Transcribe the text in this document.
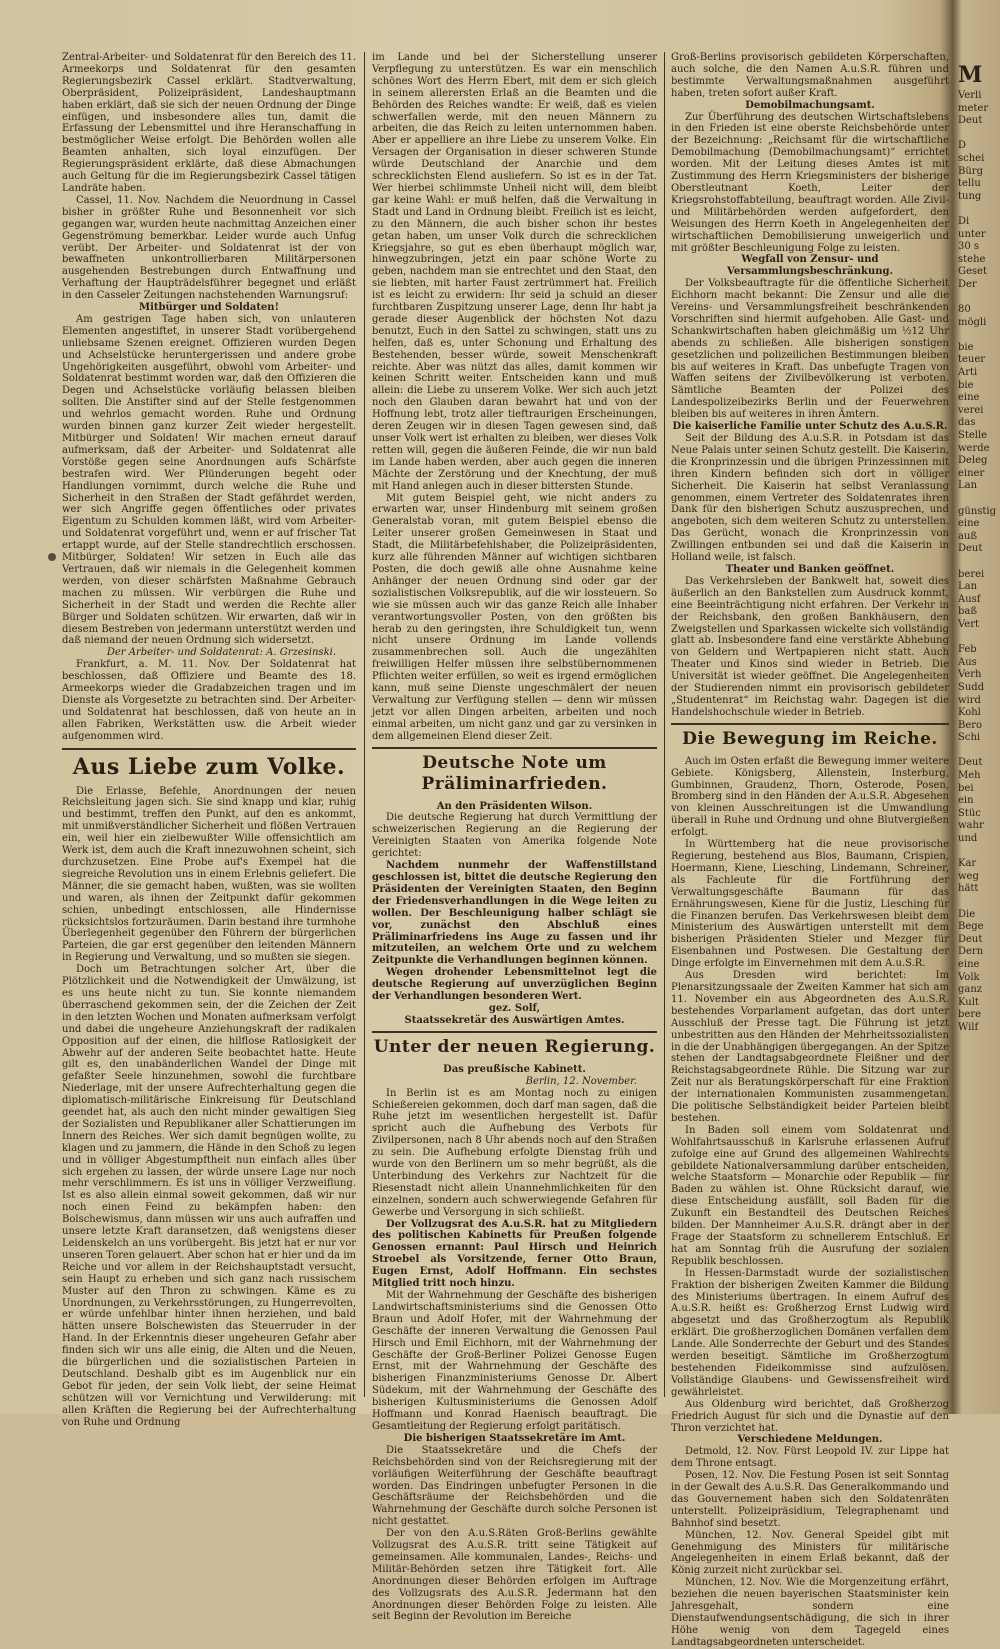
Zentral-Arbeiter- und Soldatenrat für den Bereich des 11. Armeekorps und Soldatenrat für den gesamten Regierungsbezirk Cassel erklärt. Stadtverwaltung, Oberpräsident, Polizeipräsident, Landeshauptmann haben erklärt, daß sie sich der neuen Ordnung der Dinge einfügen, und insbesondere alles tun, damit die Erfassung der Lebensmittel und ihre Heranschaffung in bestmöglicher Weise erfolgt. Die Behörden wollen alle Beamten anhalten, sich loyal einzufügen. Der Regierungspräsident erklärte, daß diese Abmachungen auch Geltung für die im Regierungsbezirk Cassel tätigen Landräte haben.

Cassel, 11. Nov. Nachdem die Neuordnung in Cassel bisher in größter Ruhe und Besonnenheit vor sich gegangen war, wurden heute nachmittag Anzeichen einer Gegenströmung bemerkbar. Leider wurde auch Unfug verübt. Der Arbeiter- und Soldatenrat ist der von bewaffneten unkontrollierbaren Militärpersonen ausgehenden Bestrebungen durch Entwaffnung und Verhaftung der Haupträdelsführer begegnet und erläßt in den Casseler Zeitungen nachstehenden Warnungsruf:

Mitbürger und Soldaten!

Am gestrigen Tage haben sich, von unlauteren Elementen angestiftet, in unserer Stadt vorübergehend unliebsame Szenen ereignet. Offizieren wurden Degen und Achselstücke heruntergerissen und andere grobe Ungehörigkeiten ausgeführt, obwohl vom Arbeiter- und Soldatenrat bestimmt worden war, daß den Offizieren die Degen und Achselstücke vorläufig belassen bleiben sollten. Die Anstifter sind auf der Stelle festgenommen und wehrlos gemacht worden. Ruhe und Ordnung wurden binnen ganz kurzer Zeit wieder hergestellt. Mitbürger und Soldaten! Wir machen erneut darauf aufmerksam, daß der Arbeiter- und Soldatenrat alle Vorstöße gegen seine Anordnungen aufs Schärfste bestrafen wird. Wer Plünderungen begeht oder Handlungen vornimmt, durch welche die Ruhe und Sicherheit in den Straßen der Stadt gefährdet werden, wer sich Angriffe gegen öffentliches oder privates Eigentum zu Schulden kommen läßt, wird vom Arbeiter- und Soldatenrat vorgeführt und, wenn er auf frischer Tat ertappt wurde, auf der Stelle standrechtlich erschossen. Mitbürger, Soldaten! Wir setzen in Euch alle das Vertrauen, daß wir niemals in die Gelegenheit kommen werden, von dieser schärfsten Maßnahme Gebrauch machen zu müssen. Wir verbürgen die Ruhe und Sicherheit in der Stadt und werden die Rechte aller Bürger und Soldaten schützen. Wir erwarten, daß wir in diesem Bestreben von jedermann unterstützt werden und daß niemand der neuen Ordnung sich widersetzt.

Der Arbeiter- und Soldatenrat: A. Grzesinski.

Frankfurt, a. M. 11. Nov. Der Soldatenrat hat beschlossen, daß Offiziere und Beamte des 18. Armeekorps wieder die Gradabzeichen tragen und im Dienste als Vorgesetzte zu betrachten sind. Der Arbeiter- und Soldatenrat hat beschlossen, daß von heute an in allen Fabriken, Werkstätten usw. die Arbeit wieder aufgenommen wird.

Aus Liebe zum Volke.

Die Erlasse, Befehle, Anordnungen der neuen Reichsleitung jagen sich. Sie sind knapp und klar, ruhig und bestimmt, treffen den Punkt, auf den es ankommt, mit unmißverständlicher Sicherheit und flößen Vertrauen ein, weil hier ein zielbewußter Wille offensichtlich am Werk ist, dem auch die Kraft innezuwohnen scheint, sich durchzusetzen. Eine Probe auf's Exempel hat die siegreiche Revolution uns in einem Erlebnis geliefert. Die Männer, die sie gemacht haben, wußten, was sie wollten und waren, als ihnen der Zeitpunkt dafür gekommen schien, unbedingt entschlossen, alle Hindernisse rücksichtslos fortzuräumen. Darin bestand ihre turmhohe Überlegenheit gegenüber den Führern der bürgerlichen Parteien, die gar erst gegenüber den leitenden Männern in Regierung und Verwaltung, und so mußten sie siegen.

Doch um Betrachtungen solcher Art, über die Plötzlichkeit und die Notwendigkeit der Umwälzung, ist es uns heute nicht zu tun. Sie konnte niemandem überraschend gekommen sein, der die Zeichen der Zeit in den letzten Wochen und Monaten aufmerksam verfolgt und dabei die ungeheure Anziehungskraft der radikalen Opposition auf der einen, die hilflose Ratlosigkeit der Abwehr auf der anderen Seite beobachtet hatte. Heute gilt es, den unabänderlichen Wandel der Dinge mit gefaßter Seele hinzunehmen, sowohl die furchtbare Niederlage, mit der unsere Aufrechterhaltung gegen die diplomatisch-militärische Einkreisung für Deutschland geendet hat, als auch den nicht minder gewaltigen Sieg der Sozialisten und Republikaner aller Schattierungen im Innern des Reiches. Wer sich damit begnügen wollte, zu klagen und zu jammern, die Hände in den Schoß zu legen und in völliger Abgestumpftheit nun einfach alles über sich ergehen zu lassen, der würde unsere Lage nur noch mehr verschlimmern. Es ist uns in völliger Verzweiflung. Ist es also allein einmal soweit gekommen, daß wir nur noch einen Feind zu bekämpfen haben: den Bolschewismus, dann müssen wir uns auch aufraffen und unsere letzte Kraft daransetzen, daß wenigstens dieser Leidenskelch an uns vorübergeht. Bis jetzt hat er nur vor unseren Toren gelauert. Aber schon hat er hier und da im Reiche und vor allem in der Reichshauptstadt versucht, sein Haupt zu erheben und sich ganz nach russischem Muster auf den Thron zu schwingen. Käme es zu Unordnungen, zu Verkehrsstörungen, zu Hungerrevolten, er würde unfehlbar hinter ihnen herziehen, und bald hätten unsere Bolschewisten das Steuerruder in der Hand. In der Erkenntnis dieser ungeheuren Gefahr aber finden sich wir uns alle einig, die Alten und die Neuen, die bürgerlichen und die sozialistischen Parteien in Deutschland. Deshalb gibt es im Augenblick nur ein Gebot für jeden, der sein Volk liebt, der seine Heimat schützen will vor Vernichtung und Verwilderung: mit allen Kräften die Regierung bei der Aufrechterhaltung von Ruhe und Ordnung

im Lande und bei der Sicherstellung unserer Verpflegung zu unterstützen. Es war ein menschlich schönes Wort des Herrn Ebert, mit dem er sich gleich in seinem allerersten Erlaß an die Beamten und die Behörden des Reiches wandte: Er weiß, daß es vielen schwerfallen werde, mit den neuen Männern zu arbeiten, die das Reich zu leiten unternommen haben. Aber er appelliere an ihre Liebe zu unserem Volke. Ein Versagen der Organisation in dieser schweren Stunde würde Deutschland der Anarchie und dem schrecklichsten Elend ausliefern. So ist es in der Tat. Wer hierbei schlimmste Unheil nicht will, dem bleibt gar keine Wahl: er muß helfen, daß die Verwaltung in Stadt und Land in Ordnung bleibt. Freilich ist es leicht, zu den Männern, die auch bisher schon ihr bestes getan haben, um unser Volk durch die schrecklichen Kriegsjahre, so gut es eben überhaupt möglich war, hinwegzubringen, jetzt ein paar schöne Worte zu geben, nachdem man sie entrechtet und den Staat, den sie liebten, mit harter Faust zertrümmert hat. Freilich ist es leicht zu erwidern: Ihr seid ja schuld an dieser furchtbaren Zuspitzung unserer Lage, denn Ihr habt ja gerade dieser Augenblick der höchsten Not dazu benutzt, Euch in den Sattel zu schwingen, statt uns zu helfen, daß es, unter Schonung und Erhaltung des Bestehenden, besser würde, soweit Menschenkraft reichte. Aber was nützt das alles, damit kommen wir keinen Schritt weiter. Entscheiden kann und muß allein: die Liebe zu unserem Volke. Wer sich auch jetzt noch den Glauben daran bewahrt hat und von der Hoffnung lebt, trotz aller tieftraurigen Erscheinungen, deren Zeugen wir in diesen Tagen gewesen sind, daß unser Volk wert ist erhalten zu bleiben, wer dieses Volk retten will, gegen die äußeren Feinde, die wir nun bald im Lande haben werden, aber auch gegen die inneren Mächte der Zerstörung und der Knechtung, der muß mit Hand anlegen auch in dieser bittersten Stunde.

Mit gutem Beispiel geht, wie nicht anders zu erwarten war, unser Hindenburg mit seinem großen Generalstab voran, mit gutem Beispiel ebenso die Leiter unserer großen Gemeinwesen in Staat und Stadt, die Militärbefehlshaber, die Polizeipräsidenten, kurz alle führenden Männer auf wichtigen sichtbaren Posten, die doch gewiß alle ohne Ausnahme keine Anhänger der neuen Ordnung sind oder gar der sozialistischen Volksrepublik, auf die wir lossteuern. So wie sie müssen auch wir das ganze Reich alle Inhaber verantwortungsvoller Posten, von den größten bis herab zu den geringsten, ihre Schuldigkeit tun, wenn nicht unsere Ordnung im Lande vollends zusammenbrechen soll. Auch die ungezählten freiwilligen Helfer müssen ihre selbstübernommenen Pflichten weiter erfüllen, so weit es irgend ermöglichen kann, muß seine Dienste ungeschmälert der neuen Verwaltung zur Verfügung stellen — denn wir müssen jetzt vor allen Dingen arbeiten, arbeiten und noch einmal arbeiten, um nicht ganz und gar zu versinken in dem allgemeinen Elend dieser Zeit.

Deutsche Note um Präliminarfrieden.

An den Präsidenten Wilson.

Die deutsche Regierung hat durch Vermittlung der schweizerischen Regierung an die Regierung der Vereinigten Staaten von Amerika folgende Note gerichtet:

Nachdem nunmehr der Waffenstillstand geschlossen ist, bittet die deutsche Regierung den Präsidenten der Vereinigten Staaten, den Beginn der Friedensverhandlungen in die Wege leiten zu wollen. Der Beschleunigung halber schlägt sie vor, zunächst den Abschluß eines Präliminarfriedens ins Auge zu fassen und ihr mitzuteilen, an welchem Orte und zu welchem Zeitpunkte die Verhandlungen beginnen können.

Wegen drohender Lebensmittelnot legt die deutsche Regierung auf unverzüglichen Beginn der Verhandlungen besonderen Wert.

gez. Solf,

Staatssekretär des Auswärtigen Amtes.

Unter der neuen Regierung.

Das preußische Kabinett.

Berlin, 12. November.

In Berlin ist es am Montag noch zu einigen Schießereien gekommen, doch darf man sagen, daß die Ruhe jetzt im wesentlichen hergestellt ist. Dafür spricht auch die Aufhebung des Verbots für Zivilpersonen, nach 8 Uhr abends noch auf den Straßen zu sein. Die Aufhebung erfolgte Dienstag früh und wurde von den Berlinern um so mehr begrüßt, als die Unterbindung des Verkehrs zur Nachtzeit für die Riesenstadt nicht allein Unannehmlichkeiten für den einzelnen, sondern auch schwerwiegende Gefahren für Gewerbe und Versorgung in sich schließt.

Der Vollzugsrat des A.u.S.R. hat zu Mitgliedern des politischen Kabinetts für Preußen folgende Genossen ernannt: Paul Hirsch und Heinrich Stroebel als Vorsitzende, ferner Otto Braun, Eugen Ernst, Adolf Hoffmann. Ein sechstes Mitglied tritt noch hinzu.

Mit der Wahrnehmung der Geschäfte des bisherigen Landwirtschaftsministeriums sind die Genossen Otto Braun und Adolf Hofer, mit der Wahrnehmung der Geschäfte der inneren Verwaltung die Genossen Paul Hirsch und Emil Eichhorn, mit der Wahrnehmung der Geschäfte der Groß-Berliner Polizei Genosse Eugen Ernst, mit der Wahrnehmung der Geschäfte des bisherigen Finanzministeriums Genosse Dr. Albert Südekum, mit der Wahrnehmung der Geschäfte des bisherigen Kultusministeriums die Genossen Adolf Hoffmann und Konrad Haenisch beauftragt. Die Gesamtleitung der Regierung erfolgt paritätisch.

Die bisherigen Staatssekretäre im Amt.

Die Staatssekretäre und die Chefs der Reichsbehörden sind von der Reichsregierung mit der vorläufigen Weiterführung der Geschäfte beauftragt worden. Das Eindringen unbefugter Personen in die Geschäftsräume der Reichsbehörden und die Wahrnehmung der Geschäfte durch solche Personen ist nicht gestattet.

Der von den A.u.S.Räten Groß-Berlins gewählte Vollzugsrat des A.u.S.R. tritt seine Tätigkeit auf gemeinsamen. Alle kommunalen, Landes-, Reichs- und Militär-Behörden setzen ihre Tätigkeit fort. Alle Anordnungen dieser Behörden erfolgen im Auftrage des Vollzugsrats des A.u.S.R. Jedermann hat den Anordnungen dieser Behörden Folge zu leisten. Alle seit Beginn der Revolution im Bereiche

Groß-Berlins provisorisch gebildeten Körperschaften, auch solche, die den Namen A.u.S.R. führen und bestimmte Verwaltungsmaßnahmen ausgeführt haben, treten sofort außer Kraft.

Demobilmachungsamt.

Zur Überführung des deutschen Wirtschaftslebens in den Frieden ist eine oberste Reichsbehörde unter der Bezeichnung: „Reichsamt für die wirtschaftliche Demobilmachung (Demobilmachungsamt)“ errichtet worden. Mit der Leitung dieses Amtes ist mit Zustimmung des Herrn Kriegsministers der bisherige Oberstleutnant Koeth, Leiter der Kriegsrohstoffabteilung, beauftragt worden. Alle Zivil- und Militärbehörden werden aufgefordert, den Weisungen des Herrn Koeth in Angelegenheiten der wirtschaftlichen Demobilisierung unweigerlich und mit größter Beschleunigung Folge zu leisten.

Wegfall von Zensur- und Versammlungsbeschränkung.

Der Volksbeauftragte für die öffentliche Sicherheit Eichhorn macht bekannt: Die Zensur und alle die Vereins- und Versammlungsfreiheit beschränkenden Vorschriften sind hiermit aufgehoben. Alle Gast- und Schankwirtschaften haben gleichmäßig um ½12 Uhr abends zu schließen. Alle bisherigen sonstigen gesetzlichen und polizeilichen Bestimmungen bleiben bis auf weiteres in Kraft. Das unbefugte Tragen von Waffen seitens der Zivilbevölkerung ist verboten. Sämtliche Beamten der Polizei des Landespolizeibezirks Berlin und der Feuerwehren bleiben bis auf weiteres in ihren Ämtern.

Die kaiserliche Familie unter Schutz des A.u.S.R.

Seit der Bildung des A.u.S.R. in Potsdam ist das Neue Palais unter seinen Schutz gestellt. Die Kaiserin, die Kronprinzessin und die übrigen Prinzessinnen mit ihren Kindern befinden sich dort in völliger Sicherheit. Die Kaiserin hat selbst Veranlassung genommen, einem Vertreter des Soldatenrates ihren Dank für den bisherigen Schutz auszusprechen, und angeboten, sich dem weiteren Schutz zu unterstellen. Das Gerücht, wonach die Kronprinzessin von Zwillingen entbunden sei und daß die Kaiserin in Holland weile, ist falsch.

Theater und Banken geöffnet.

Das Verkehrsleben der Bankwelt hat, soweit dies äußerlich an den Bankstellen zum Ausdruck kommt, eine Beeinträchtigung nicht erfahren. Der Verkehr in der Reichsbank, den großen Bankhäusern, den Zweigstellen und Sparkassen wickelte sich vollständig glatt ab. Insbesondere fand eine verstärkte Abhebung von Geldern und Wertpapieren nicht statt. Auch Theater und Kinos sind wieder in Betrieb. Die Universität ist wieder geöffnet. Die Angelegenheiten der Studierenden nimmt ein provisorisch gebildeter „Studentenrat“ im Reichstag wahr. Dagegen ist die Handelshochschule wieder in Betrieb.

Die Bewegung im Reiche.

Auch im Osten erfaßt die Bewegung immer weitere Gebiete. Königsberg, Allenstein, Insterburg, Gumbinnen, Graudenz, Thorn, Osterode, Posen, Bromberg sind in den Händen der A.u.S.R. Abgesehen von kleinen Ausschreitungen ist die Umwandlung überall in Ruhe und Ordnung und ohne Blutvergießen erfolgt.

In Württemberg hat die neue provisorische Regierung, bestehend aus Blos, Baumann, Crispien, Hoermann, Kiene, Liesching, Lindemann, Schreiner, als Fachleute für die Fortführung der Verwaltungsgeschäfte Baumann für das Ernährungswesen, Kiene für die Justiz, Liesching für die Finanzen berufen. Das Verkehrswesen bleibt dem Ministerium des Auswärtigen unterstellt mit dem bisherigen Präsidenten Stieler und Mezger für Eisenbahnen und Postwesen. Die Gestaltung der Dinge erfolgte im Einvernehmen mit dem A.u.S.R.

Aus Dresden wird berichtet: Im Plenarsitzungssaale der Zweiten Kammer hat sich am 11. November ein aus Abgeordneten des A.u.S.R. bestehendes Vorparlament aufgetan, das dort unter Ausschluß der Presse tagt. Die Führung ist jetzt unbestritten aus den Händen der Mehrheitssozialisten in die der Unabhängigen übergegangen. An der Spitze stehen der Landtagsabgeordnete Fleißner und der Reichstagsabgeordnete Rühle. Die Sitzung war zur Zeit nur als Beratungskörperschaft für eine Fraktion der internationalen Kommunisten zusammengetan. Die politische Selbständigkeit beider Parteien bleibt bestehen.

In Baden soll einem vom Soldatenrat und Wohlfahrtsausschuß in Karlsruhe erlassenen Aufruf zufolge eine auf Grund des allgemeinen Wahlrechts gebildete Nationalversammlung darüber entscheiden, welche Staatsform — Monarchie oder Republik — für Baden zu wählen ist. Ohne Rücksicht darauf, wie diese Entscheidung ausfällt, soll Baden für die Zukunft ein Bestandteil des Deutschen Reiches bilden. Der Mannheimer A.u.S.R. drängt aber in der Frage der Staatsform zu schnellerem Entschluß. Er hat am Sonntag früh die Ausrufung der sozialen Republik beschlossen.

In Hessen-Darmstadt wurde der sozialistischen Fraktion der bisherigen Zweiten Kammer die Bildung des Ministeriums übertragen. In einem Aufruf des A.u.S.R. heißt es: Großherzog Ernst Ludwig wird abgesetzt und das Großherzogtum als Republik erklärt. Die großherzoglichen Domänen verfallen dem Lande. Alle Sonderrechte der Geburt und des Standes werden beseitigt. Sämtliche im Großherzogtum bestehenden Fideikommisse sind aufzulösen. Vollständige Glaubens- und Gewissensfreiheit wird gewährleistet.

Aus Oldenburg wird berichtet, daß Großherzog Friedrich August für sich und die Dynastie auf den Thron verzichtet hat.

Verschiedene Meldungen.

Detmold, 12. Nov. Fürst Leopold IV. zur Lippe hat dem Throne entsagt.

Posen, 12. Nov. Die Festung Posen ist seit Sonntag in der Gewalt des A.u.S.R. Das Generalkommando und das Gouvernement haben sich den Soldatenräten unterstellt. Polizeipräsidium, Telegraphenamt und Bahnhof sind besetzt.

München, 12. Nov. General Speidel gibt mit Genehmigung des Ministers für militärische Angelegenheiten in einem Erlaß bekannt, daß der König zurzeit nicht zurückbar sei.

München, 12. Nov. Wie die Morgenzeitung erfährt, beziehen die neuen bayerischen Staatsminister kein Jahresgehalt, sondern eine Dienstaufwendungsentschädigung, die sich in ihrer Höhe wenig von dem Tagegeld eines Landtagsabgeordneten unterscheidet.

M
Verli
meter
Deut

D
schei
Bürg
tellu
tung

Di
unter
30 s
stehe
Geset
Der

80
mögli

bie
teuer
Arti
bie
eine
verei
das
Stelle
werde
Deleg
einer
Lan

günstig
eine
auß
Deut

berei
Lan
Ausf
baß
Vert

Feb
Aus
Verh
Sudd
wird
Kohl
Bero
Schi

Deut
Meh
bei
ein
Stüc
wahr
und

Kar
weg
hätt

Die
Bege
Deut
Dern
eine
Volk
ganz
Kult
bere
Wilf
